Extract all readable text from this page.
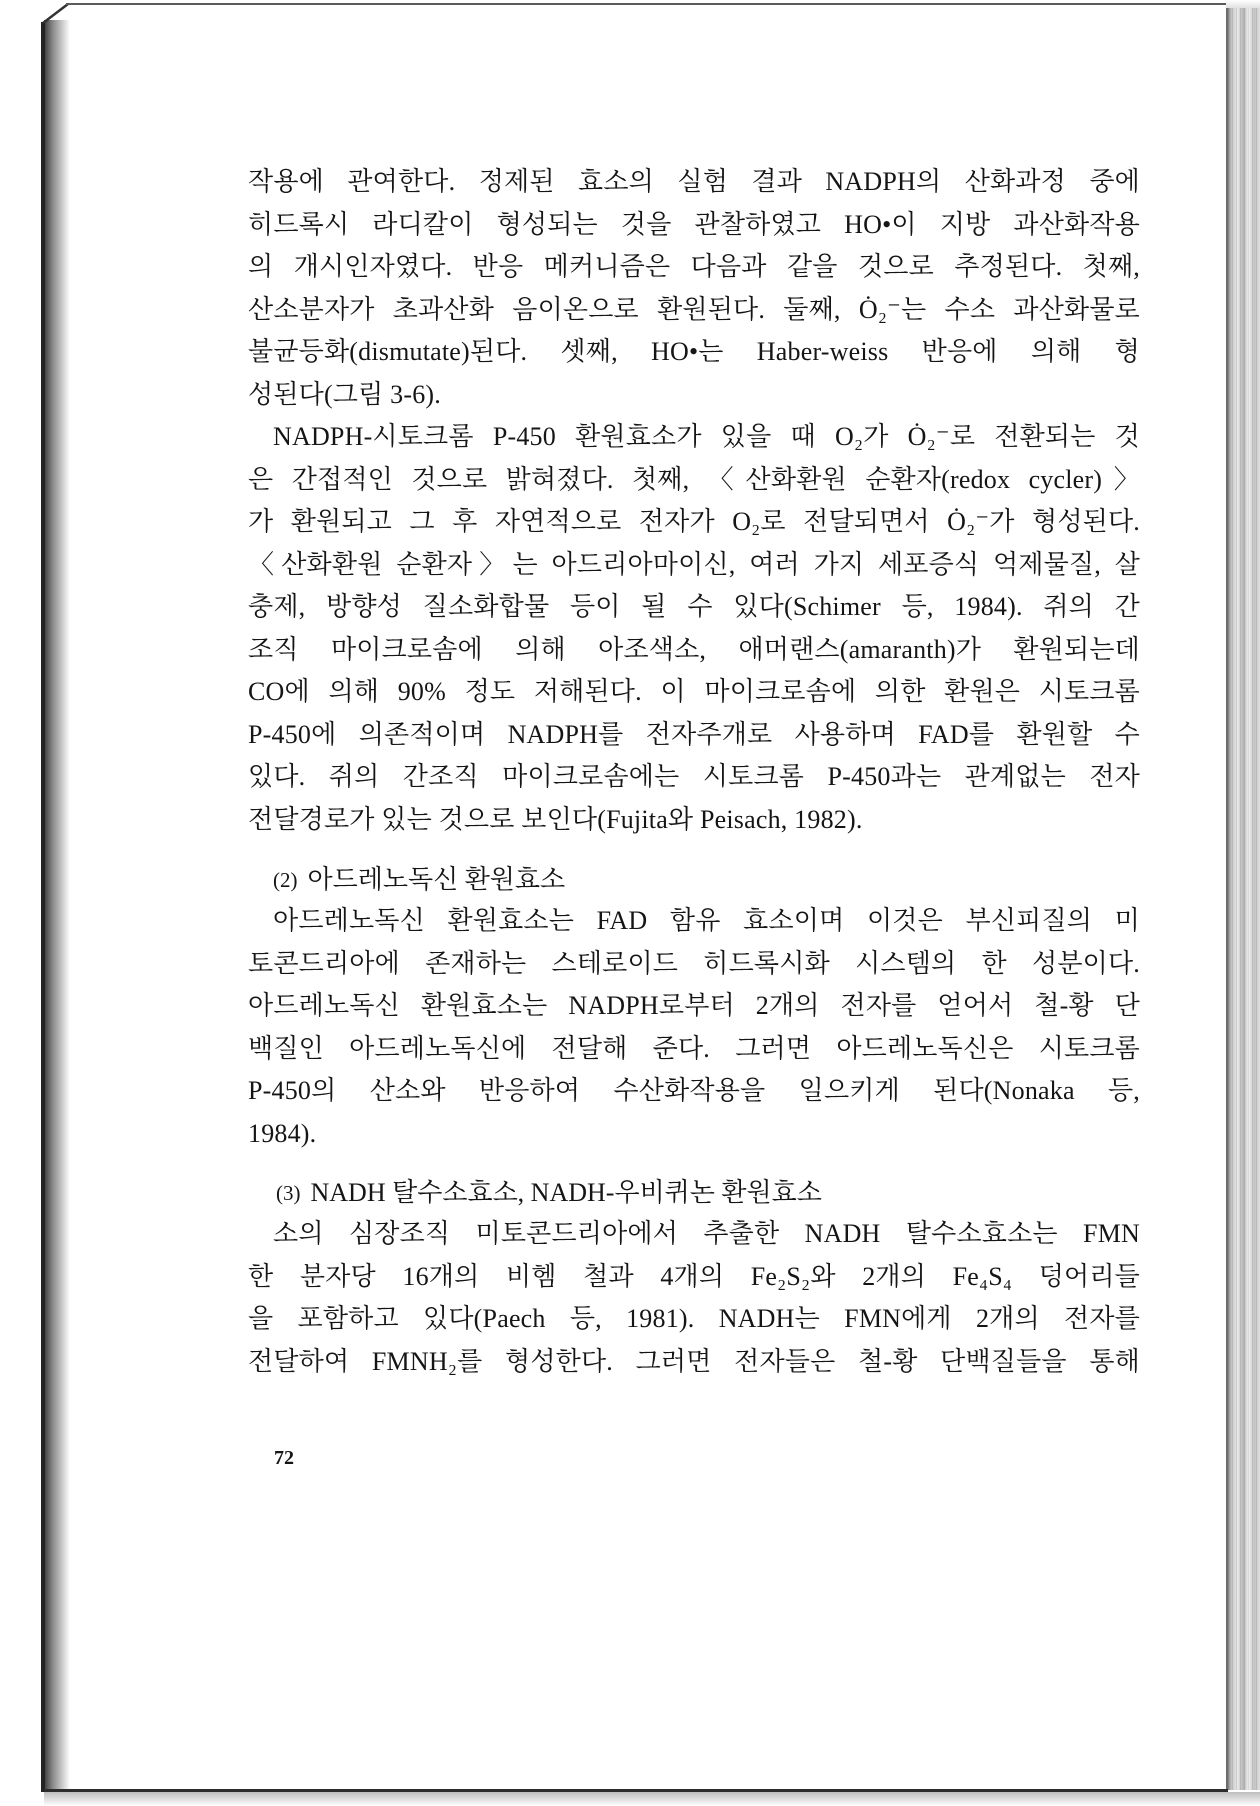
작용에 관여한다. 정제된 효소의 실험 결과 NADPH의 산화과정 중에
히드록시 라디칼이 형성되는 것을 관찰하였고 HO•이 지방 과산화작용
의 개시인자였다. 반응 메커니즘은 다음과 같을 것으로 추정된다. 첫째,
산소분자가 초과산화 음이온으로 환원된다. 둘째, Ȯ₂⁻는 수소 과산화물로
불균등화(dismutate)된다. 셋째, HO•는 Haber-weiss 반응에 의해 형
성된다(그림 3-6).
NADPH-시토크롬 P-450 환원효소가 있을 때 O₂가 Ȯ₂⁻로 전환되는 것
은 간접적인 것으로 밝혀졌다. 첫째, 〈산화환원 순환자(redox cycler)〉
가 환원되고 그 후 자연적으로 전자가 O₂로 전달되면서 Ȯ₂⁻가 형성된다.
〈산화환원 순환자〉는 아드리아마이신, 여러 가지 세포증식 억제물질, 살
충제, 방향성 질소화합물 등이 될 수 있다(Schimer 등, 1984). 쥐의 간
조직 마이크로솜에 의해 아조색소, 애머랜스(amaranth)가 환원되는데
CO에 의해 90% 정도 저해된다. 이 마이크로솜에 의한 환원은 시토크롬
P-450에 의존적이며 NADPH를 전자주개로 사용하며 FAD를 환원할 수
있다. 쥐의 간조직 마이크로솜에는 시토크롬 P-450과는 관계없는 전자
전달경로가 있는 것으로 보인다(Fujita와 Peisach, 1982).
(2) 아드레노독신 환원효소
아드레노독신 환원효소는 FAD 함유 효소이며 이것은 부신피질의 미
토콘드리아에 존재하는 스테로이드 히드록시화 시스템의 한 성분이다.
아드레노독신 환원효소는 NADPH로부터 2개의 전자를 얻어서 철-황 단
백질인 아드레노독신에 전달해 준다. 그러면 아드레노독신은 시토크롬
P-450의 산소와 반응하여 수산화작용을 일으키게 된다(Nonaka 등,
1984).
(3) NADH 탈수소효소, NADH-우비퀴논 환원효소
소의 심장조직 미토콘드리아에서 추출한 NADH 탈수소효소는 FMN
한 분자당 16개의 비헴 철과 4개의 Fe₂S₂와 2개의 Fe₄S₄ 덩어리들
을 포함하고 있다(Paech 등, 1981). NADH는 FMN에게 2개의 전자를
전달하여 FMNH₂를 형성한다. 그러면 전자들은 철-황 단백질들을 통해
72
